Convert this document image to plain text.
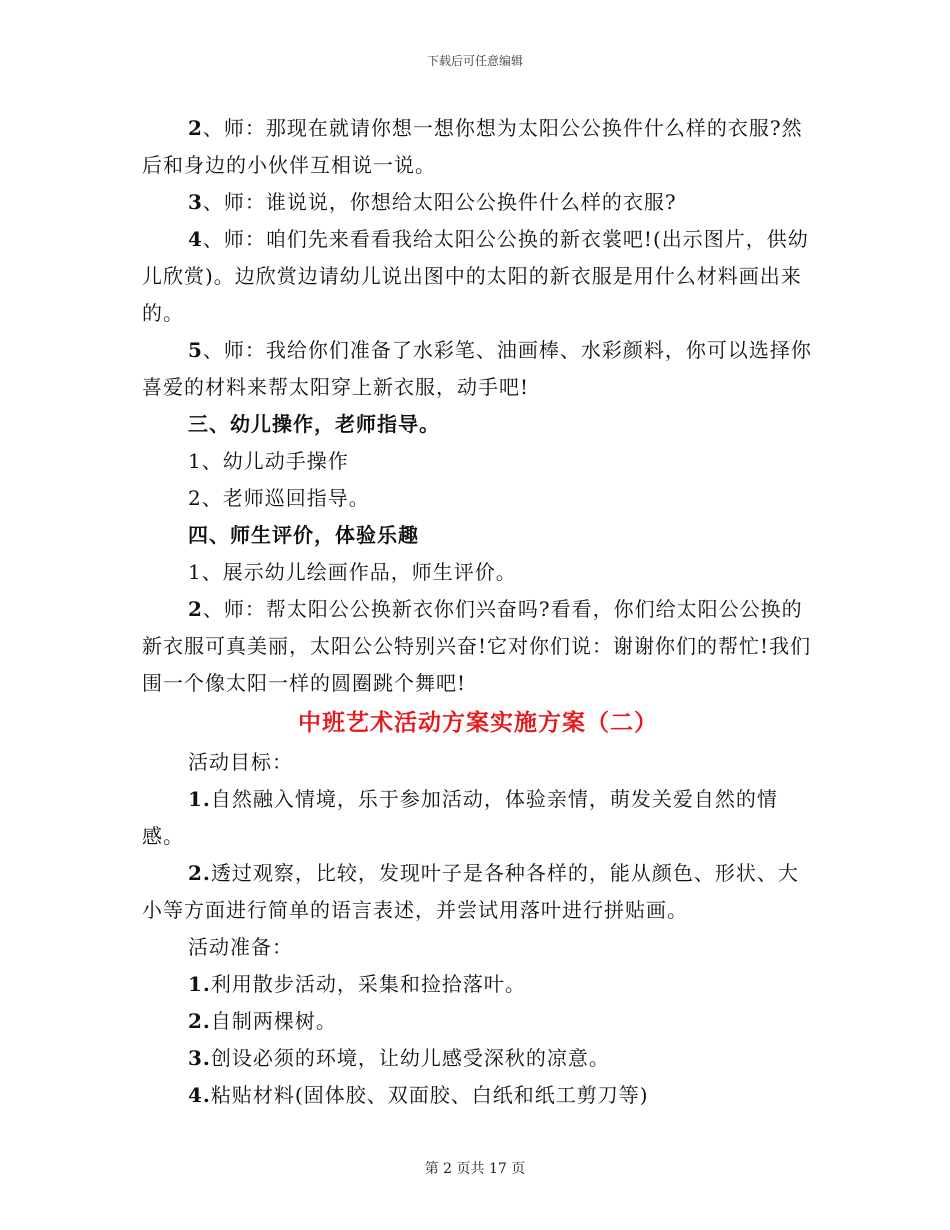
下载后可任意编辑

2、师：那现在就请你想一想你想为太阳公公换件什么样的衣服?然后和身边的小伙伴互相说一说。

3、师：谁说说，你想给太阳公公换件什么样的衣服?

4、师：咱们先来看看我给太阳公公换的新衣裳吧!(出示图片，供幼儿欣赏)。边欣赏边请幼儿说出图中的太阳的新衣服是用什么材料画出来的。

5、师：我给你们准备了水彩笔、油画棒、水彩颜料，你可以选择你喜爱的材料来帮太阳穿上新衣服，动手吧!

三、幼儿操作，老师指导。

1、幼儿动手操作

2、老师巡回指导。

四、师生评价，体验乐趣

1、展示幼儿绘画作品，师生评价。

2、师：帮太阳公公换新衣你们兴奋吗?看看，你们给太阳公公换的新衣服可真美丽，太阳公公特别兴奋!它对你们说：谢谢你们的帮忙!我们围一个像太阳一样的圆圈跳个舞吧!

中班艺术活动方案实施方案（二）

活动目标：

1.自然融入情境，乐于参加活动，体验亲情，萌发关爱自然的情感。

2.透过观察，比较，发现叶子是各种各样的，能从颜色、形状、大小等方面进行简单的语言表述，并尝试用落叶进行拼贴画。

活动准备：

1.利用散步活动，采集和捡拾落叶。

2.自制两棵树。

3.创设必须的环境，让幼儿感受深秋的凉意。

4.粘贴材料(固体胶、双面胶、白纸和纸工剪刀等)

第 2 页共 17 页
